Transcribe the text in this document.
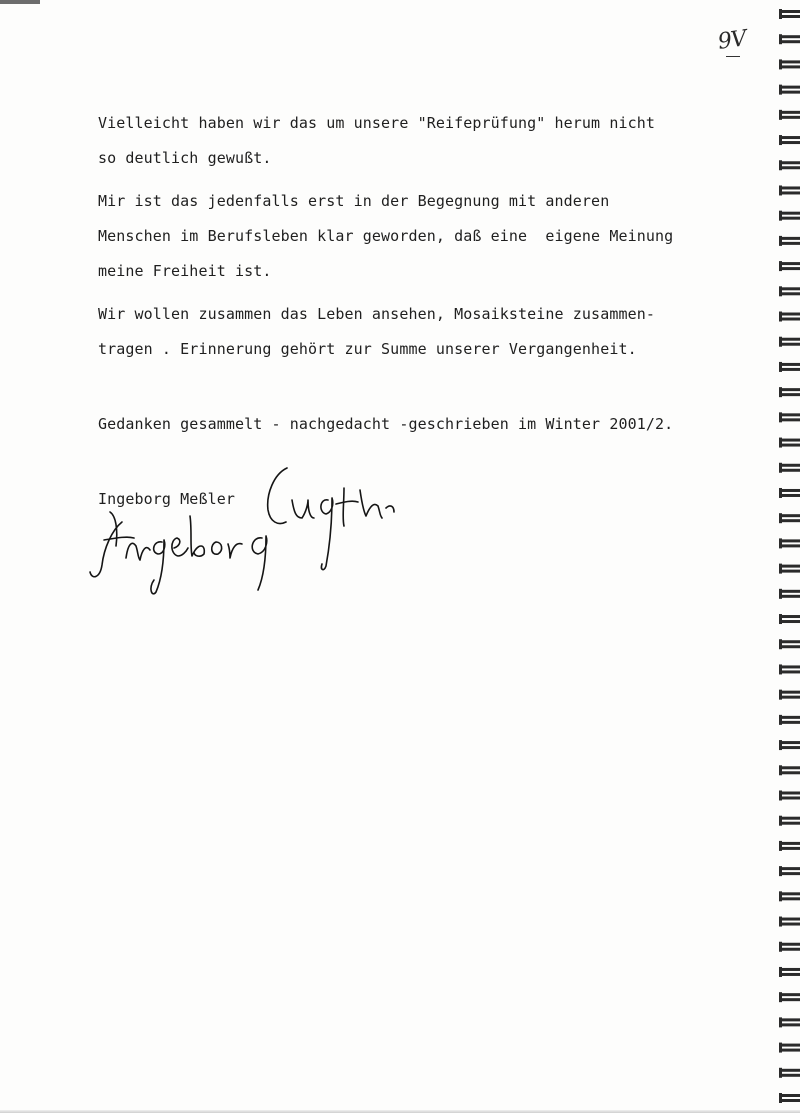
9V
Vielleicht haben wir das um unsere "Reifeprüfung" herum nicht
so deutlich gewußt.
Mir ist das jedenfalls erst in der Begegnung mit anderen
Menschen im Berufsleben klar geworden, daß eine  eigene Meinung
meine Freiheit ist.
Wir wollen zusammen das Leben ansehen, Mosaiksteine zusammen-
tragen . Erinnerung gehört zur Summe unserer Vergangenheit.
Gedanken gesammelt - nachgedacht -geschrieben im Winter 2001/2.
Ingeborg Meßler
